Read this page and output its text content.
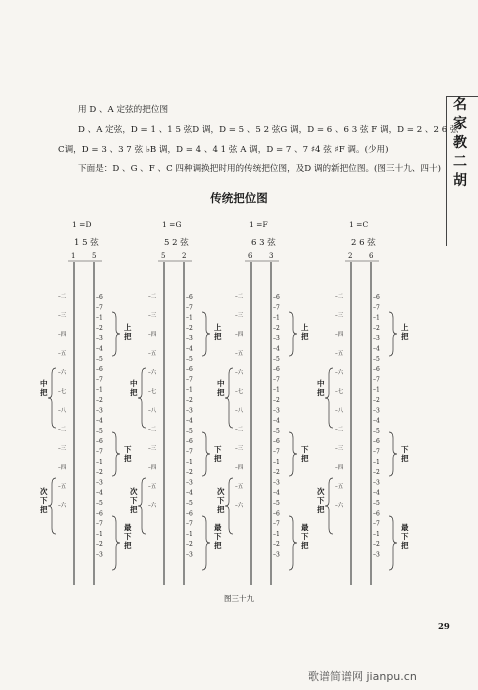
名
家
教
二
胡
用 D 、A 定弦的把位图
D 、A 定弦，D = 1 、1 5 弦D 调，D = 5 、5 2 弦G 调，D = 6 、6 3 弦 F 调，D = 2 、2 6 弦
C调，D = 3 、3 7 弦 ♭B 调，D = 4 、4 1 弦 A 调，D = 7 、7 ♯4 弦 ♯F 调。(少用)
下面是：D 、G 、F 、C 四种调换把时用的传统把位图，及D 调的新把位图。(图三十九、四十)
传统把位图
1 =D
1 5 弦
1 5
–二
–三
–四
–五
–六
–七
–八
–二
–三
–四
–五
–六
–6
–7
–1
–2
–3
–4
–5
–6
–7
–1
–2
–3
–4
–5
–6
–7
–1
–2
–3
–4
–5
–6
–7
–1
–2
–3
上
把
下
把
最
下
把
中
把
次
下
把
1 =G
5 2 弦
5 2
–二
–三
–四
–五
–六
–七
–八
–二
–三
–四
–五
–六
–6
–7
–1
–2
–3
–4
–5
–6
–7
–1
–2
–3
–4
–5
–6
–7
–1
–2
–3
–4
–5
–6
–7
–1
–2
–3
上
把
下
把
最
下
把
中
把
次
下
把
1 =F
6 3 弦
6 3
–二
–三
–四
–五
–六
–七
–八
–二
–三
–四
–五
–六
–6
–7
–1
–2
–3
–4
–5
–6
–7
–1
–2
–3
–4
–5
–6
–7
–1
–2
–3
–4
–5
–6
–7
–1
–2
–3
上
把
下
把
最
下
把
中
把
次
下
把
1 =C
2 6 弦
2 6
–二
–三
–四
–五
–六
–七
–八
–二
–三
–四
–五
–六
–6
–7
–1
–2
–3
–4
–5
–6
–7
–1
–2
–3
–4
–5
–6
–7
–1
–2
–3
–4
–5
–6
–7
–1
–2
–3
上
把
下
把
最
下
把
中
把
次
下
把
图三十九
29
歌谱简谱网 jianpu.cn
